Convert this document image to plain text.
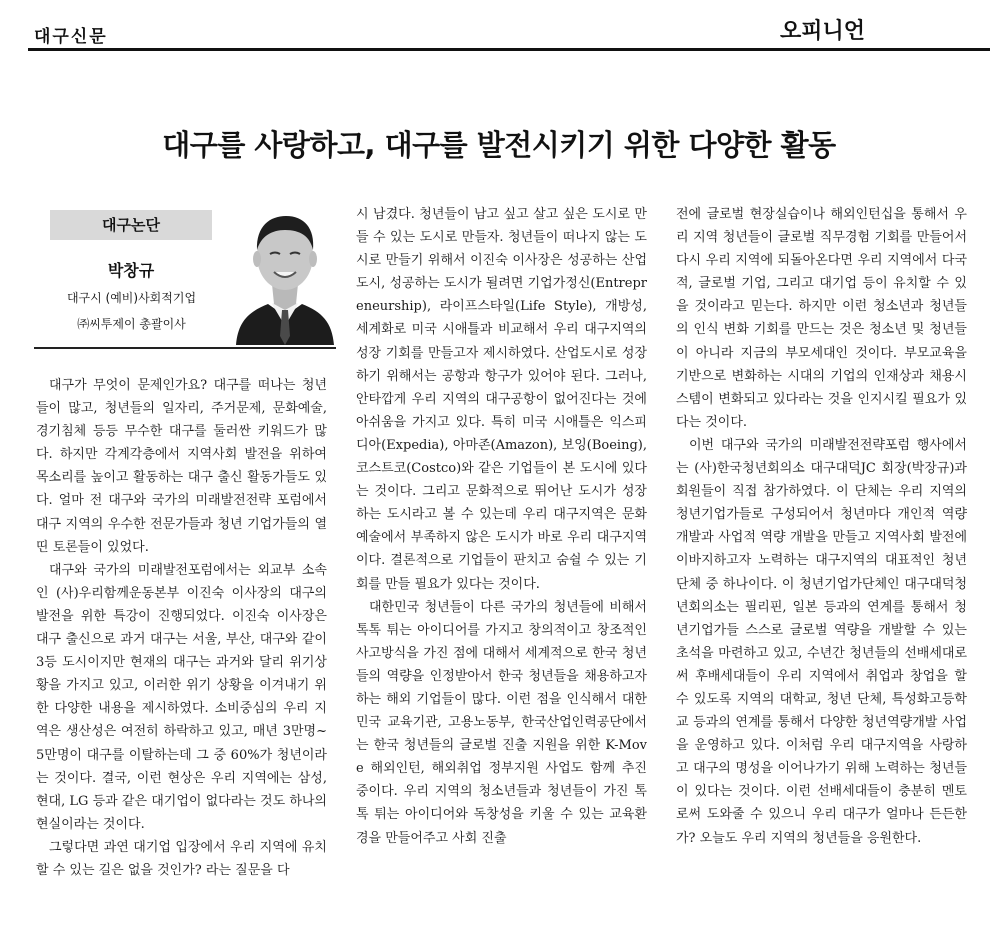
대구신문	오피니언
대구를 사랑하고, 대구를 발전시키기 위한 다양한 활동
대구논단
박창규
대구시 (예비)사회적기업
㈜씨투제이 총괄이사

대구가 무엇이 문제인가요? 대구를 떠나는 청년들이 많고, 청년들의 일자리, 주거문제, 문화예술, 경기침체 등등 무수한 대구를 둘러싼 키워드가 많다. 하지만 각계각층에서 지역사회 발전을 위하여 목소리를 높이고 활동하는 대구 출신 활동가들도 있다. 얼마 전 대구와 국가의 미래발전전략 포럼에서 대구 지역의 우수한 전문가들과 청년 기업가들의 열띤 토론들이 있었다.

대구와 국가의 미래발전포럼에서는 외교부 소속인 (사)우리함께운동본부 이진숙 이사장의 대구의 발전을 위한 특강이 진행되었다. 이진숙 이사장은 대구 출신으로 과거 대구는 서울, 부산, 대구와 같이 3등 도시이지만 현재의 대구는 과거와 달리 위기상황을 가지고 있고, 이러한 위기 상황을 이겨내기 위한 다양한 내용을 제시하였다. 소비중심의 우리 지역은 생산성은 여전히 하락하고 있고, 매년 3만명~5만명이 대구를 이탈하는데 그 중 60%가 청년이라는 것이다. 결국, 이런 현상은 우리 지역에는 삼성, 현대, LG 등과 같은 대기업이 없다라는 것도 하나의 현실이라는 것이다.

그렇다면 과연 대기업 입장에서 우리 지역에 유치할 수 있는 길은 없을 것인가? 라는 질문을 다

시 남겼다. 청년들이 남고 싶고 살고 싶은 도시로 만들 수 있는 도시로 만들자. 청년들이 떠나지 않는 도시로 만들기 위해서 이진숙 이사장은 성공하는 산업도시, 성공하는 도시가 될려면 기업가정신(Entrepreneurship), 라이프스타일(Life Style), 개방성, 세계화로 미국 시애틀과 비교해서 우리 대구지역의 성장 기회를 만들고자 제시하였다. 산업도시로 성장하기 위해서는 공항과 항구가 있어야 된다. 그러나, 안타깝게 우리 지역의 대구공항이 없어진다는 것에 아쉬움을 가지고 있다. 특히 미국 시애틀은 익스피디아(Expedia), 아마존(Amazon), 보잉(Boeing), 코스트코(Costco)와 같은 기업들이 본 도시에 있다는 것이다. 그리고 문화적으로 뛰어난 도시가 성장하는 도시라고 볼 수 있는데 우리 대구지역은 문화예술에서 부족하지 않은 도시가 바로 우리 대구지역이다. 결론적으로 기업들이 판치고 숨쉴 수 있는 기회를 만들 필요가 있다는 것이다.

대한민국 청년들이 다른 국가의 청년들에 비해서 톡톡 튀는 아이디어를 가지고 창의적이고 창조적인 사고방식을 가진 점에 대해서 세계적으로 한국 청년들의 역량을 인정받아서 한국 청년들을 채용하고자 하는 해외 기업들이 많다. 이런 점을 인식해서 대한민국 교육기관, 고용노동부, 한국산업인력공단에서는 한국 청년들의 글로벌 진출 지원을 위한 K-Move 해외인턴, 해외취업 정부지원 사업도 함께 추진 중이다. 우리 지역의 청소년들과 청년들이 가진 톡톡 튀는 아이디어와 독창성을 키울 수 있는 교육환경을 만들어주고 사회 진출

전에 글로벌 현장실습이나 해외인턴십을 통해서 우리 지역 청년들이 글로벌 직무경험 기회를 만들어서 다시 우리 지역에 되돌아온다면 우리 지역에서 다국적, 글로벌 기업, 그리고 대기업 등이 유치할 수 있을 것이라고 믿는다. 하지만 이런 청소년과 청년들의 인식 변화 기회를 만드는 것은 청소년 및 청년들이 아니라 지금의 부모세대인 것이다. 부모교육을 기반으로 변화하는 시대의 기업의 인재상과 채용시스템이 변화되고 있다라는 것을 인지시킬 필요가 있다는 것이다.

이번 대구와 국가의 미래발전전략포럼 행사에서는 (사)한국청년회의소 대구대덕JC 회장(박장규)과 회원들이 직접 참가하였다. 이 단체는 우리 지역의 청년기업가들로 구성되어서 청년마다 개인적 역량 개발과 사업적 역량 개발을 만들고 지역사회 발전에 이바지하고자 노력하는 대구지역의 대표적인 청년 단체 중 하나이다. 이 청년기업가단체인 대구대덕청년회의소는 필리핀, 일본 등과의 연계를 통해서 청년기업가들 스스로 글로벌 역량을 개발할 수 있는 초석을 마련하고 있고, 수년간 청년들의 선배세대로써 후배세대들이 우리 지역에서 취업과 창업을 할 수 있도록 지역의 대학교, 청년 단체, 특성화고등학교 등과의 연계를 통해서 다양한 청년역량개발 사업을 운영하고 있다. 이처럼 우리 대구지역을 사랑하고 대구의 명성을 이어나가기 위해 노력하는 청년들이 있다는 것이다. 이런 선배세대들이 충분히 멘토로써 도와줄 수 있으니 우리 대구가 얼마나 든든한가? 오늘도 우리 지역의 청년들을 응원한다.
